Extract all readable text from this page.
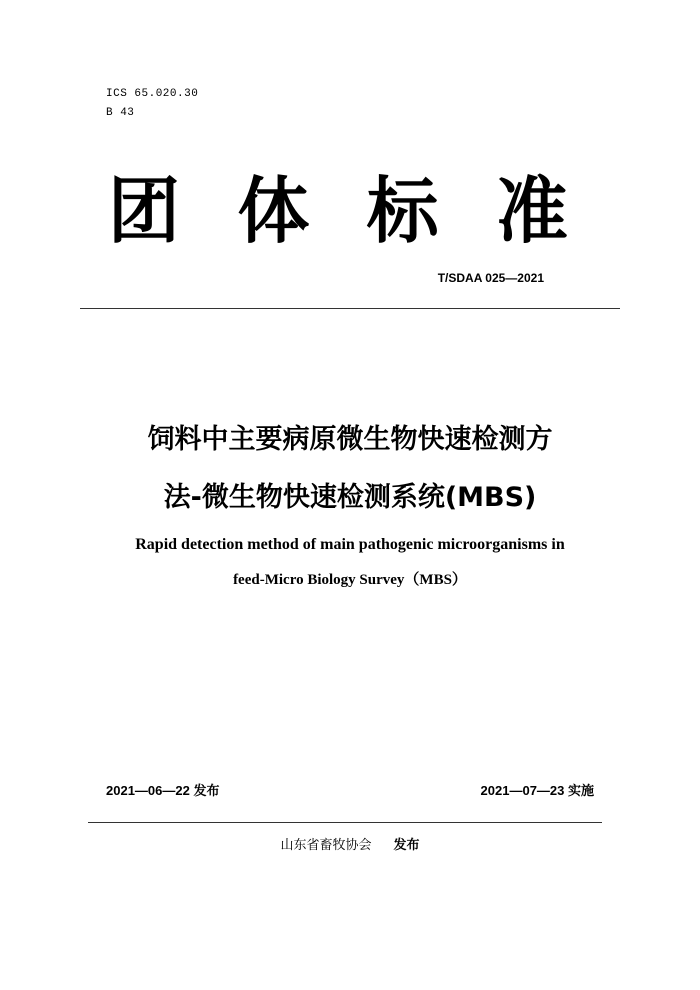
ICS 65.020.30
B 43
团 体 标 准
T/SDAA 025—2021
饲料中主要病原微生物快速检测方
法-微生物快速检测系统(MBS)
Rapid detection method of main pathogenic microorganisms in
feed-Micro Biology Survey（MBS）
2021—06—22 发布	2021—07—23 实施
山东省畜牧协会 发布
